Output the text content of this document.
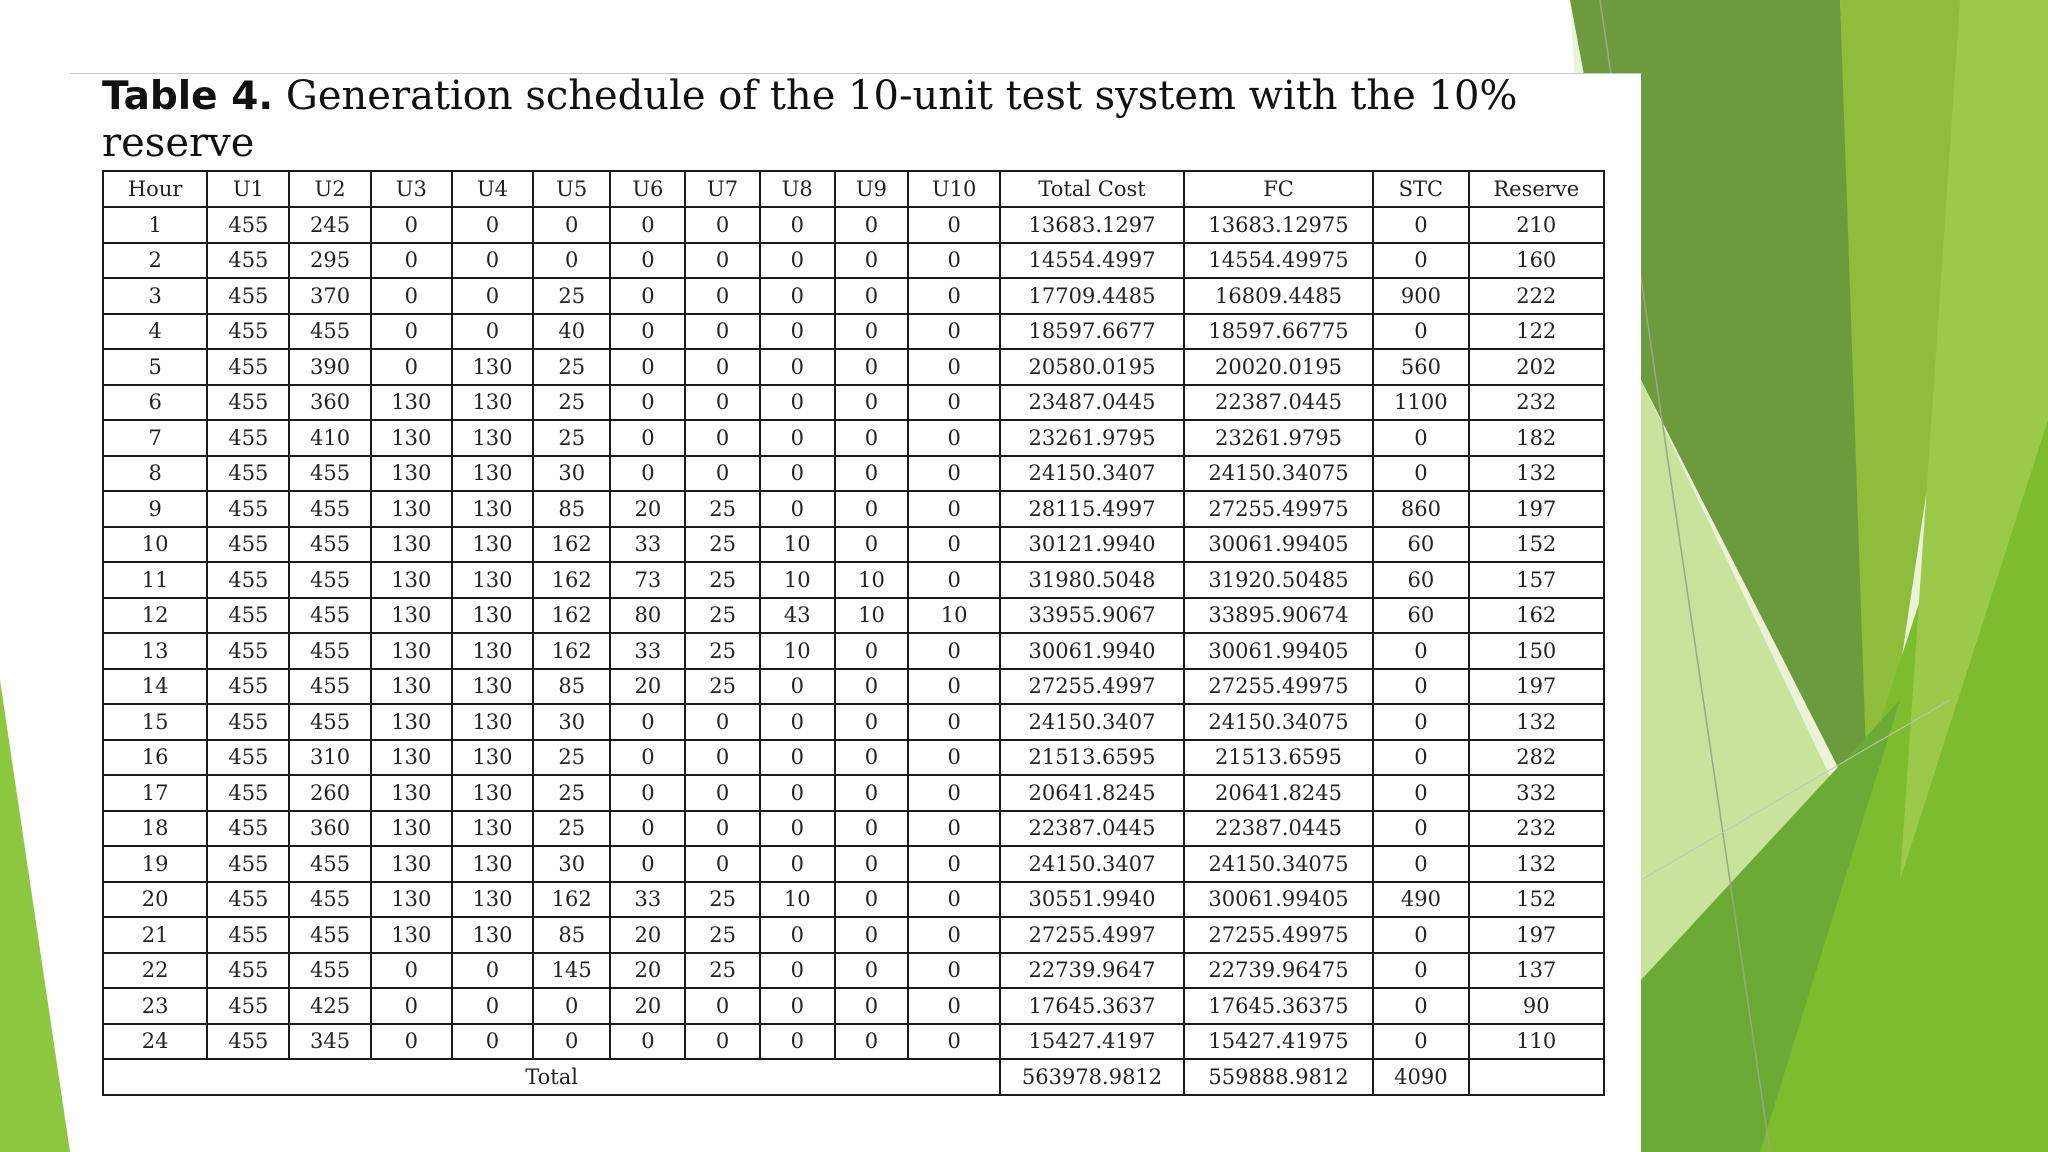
Table 4. Generation schedule of the 10-unit test system with the 10% reserve

Hour	U1	U2	U3	U4	U5	U6	U7	U8	U9	U10	Total Cost	FC	STC	Reserve
1	455	245	0	0	0	0	0	0	0	0	13683.1297	13683.12975	0	210
2	455	295	0	0	0	0	0	0	0	0	14554.4997	14554.49975	0	160
3	455	370	0	0	25	0	0	0	0	0	17709.4485	16809.4485	900	222
4	455	455	0	0	40	0	0	0	0	0	18597.6677	18597.66775	0	122
5	455	390	0	130	25	0	0	0	0	0	20580.0195	20020.0195	560	202
6	455	360	130	130	25	0	0	0	0	0	23487.0445	22387.0445	1100	232
7	455	410	130	130	25	0	0	0	0	0	23261.9795	23261.9795	0	182
8	455	455	130	130	30	0	0	0	0	0	24150.3407	24150.34075	0	132
9	455	455	130	130	85	20	25	0	0	0	28115.4997	27255.49975	860	197
10	455	455	130	130	162	33	25	10	0	0	30121.9940	30061.99405	60	152
11	455	455	130	130	162	73	25	10	10	0	31980.5048	31920.50485	60	157
12	455	455	130	130	162	80	25	43	10	10	33955.9067	33895.90674	60	162
13	455	455	130	130	162	33	25	10	0	0	30061.9940	30061.99405	0	150
14	455	455	130	130	85	20	25	0	0	0	27255.4997	27255.49975	0	197
15	455	455	130	130	30	0	0	0	0	0	24150.3407	24150.34075	0	132
16	455	310	130	130	25	0	0	0	0	0	21513.6595	21513.6595	0	282
17	455	260	130	130	25	0	0	0	0	0	20641.8245	20641.8245	0	332
18	455	360	130	130	25	0	0	0	0	0	22387.0445	22387.0445	0	232
19	455	455	130	130	30	0	0	0	0	0	24150.3407	24150.34075	0	132
20	455	455	130	130	162	33	25	10	0	0	30551.9940	30061.99405	490	152
21	455	455	130	130	85	20	25	0	0	0	27255.4997	27255.49975	0	197
22	455	455	0	0	145	20	25	0	0	0	22739.9647	22739.96475	0	137
23	455	425	0	0	0	20	0	0	0	0	17645.3637	17645.36375	0	90
24	455	345	0	0	0	0	0	0	0	0	15427.4197	15427.41975	0	110
Total											563978.9812	559888.9812	4090	
